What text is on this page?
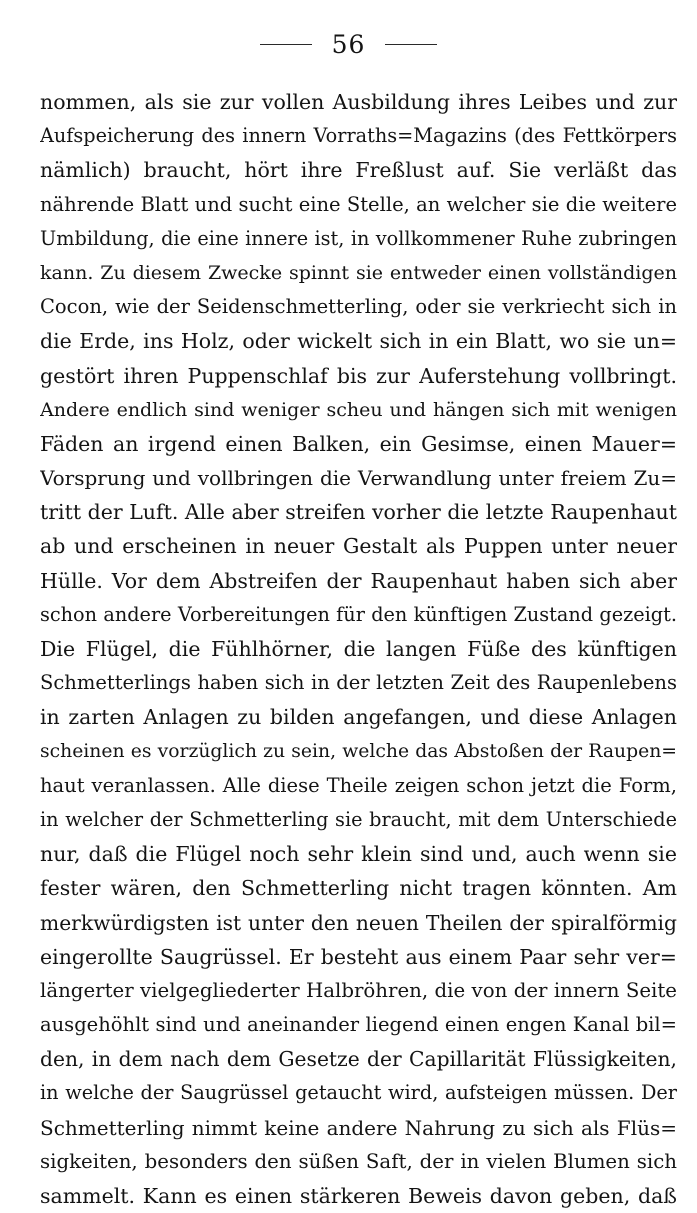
56
nommen, als sie zur vollen Ausbildung ihres Leibes und zur
Aufspeicherung des innern Vorraths=Magazins (des Fettkörpers
nämlich) braucht, hört ihre Freßlust auf. Sie verläßt das
nährende Blatt und sucht eine Stelle, an welcher sie die weitere
Umbildung, die eine innere ist, in vollkommener Ruhe zubringen
kann. Zu diesem Zwecke spinnt sie entweder einen vollständigen
Cocon, wie der Seidenschmetterling, oder sie verkriecht sich in
die Erde, ins Holz, oder wickelt sich in ein Blatt, wo sie un=
gestört ihren Puppenschlaf bis zur Auferstehung vollbringt.
Andere endlich sind weniger scheu und hängen sich mit wenigen
Fäden an irgend einen Balken, ein Gesimse, einen Mauer=
Vorsprung und vollbringen die Verwandlung unter freiem Zu=
tritt der Luft. Alle aber streifen vorher die letzte Raupenhaut
ab und erscheinen in neuer Gestalt als Puppen unter neuer
Hülle. Vor dem Abstreifen der Raupenhaut haben sich aber
schon andere Vorbereitungen für den künftigen Zustand gezeigt.
Die Flügel, die Fühlhörner, die langen Füße des künftigen
Schmetterlings haben sich in der letzten Zeit des Raupenlebens
in zarten Anlagen zu bilden angefangen, und diese Anlagen
scheinen es vorzüglich zu sein, welche das Abstoßen der Raupen=
haut veranlassen. Alle diese Theile zeigen schon jetzt die Form,
in welcher der Schmetterling sie braucht, mit dem Unterschiede
nur, daß die Flügel noch sehr klein sind und, auch wenn sie
fester wären, den Schmetterling nicht tragen könnten. Am
merkwürdigsten ist unter den neuen Theilen der spiralförmig
eingerollte Saugrüssel. Er besteht aus einem Paar sehr ver=
längerter vielgegliederter Halbröhren, die von der innern Seite
ausgehöhlt sind und aneinander liegend einen engen Kanal bil=
den, in dem nach dem Gesetze der Capillarität Flüssigkeiten,
in welche der Saugrüssel getaucht wird, aufsteigen müssen. Der
Schmetterling nimmt keine andere Nahrung zu sich als Flüs=
sigkeiten, besonders den süßen Saft, der in vielen Blumen sich
sammelt. Kann es einen stärkeren Beweis davon geben, daß
